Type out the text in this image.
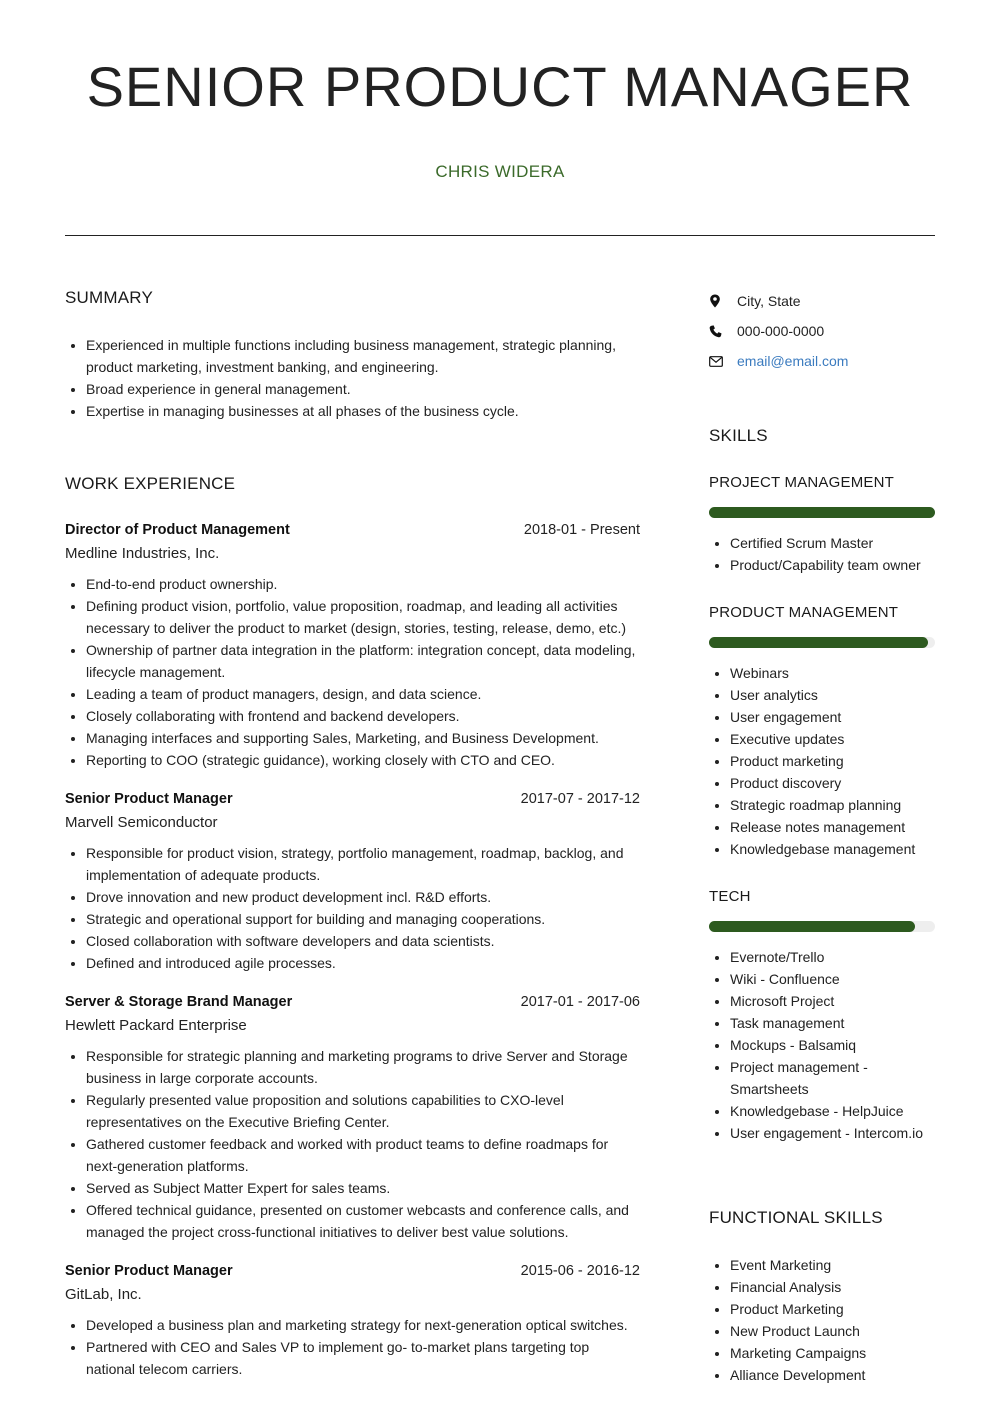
SENIOR PRODUCT MANAGER
CHRIS WIDERA
SUMMARY
• Experienced in multiple functions including business management, strategic planning, product marketing, investment banking, and engineering.
• Broad experience in general management.
• Expertise in managing businesses at all phases of the business cycle.
WORK EXPERIENCE
Director of Product Management	2018-01 - Present
Medline Industries, Inc.
• End-to-end product ownership.
• Defining product vision, portfolio, value proposition, roadmap, and leading all activities necessary to deliver the product to market (design, stories, testing, release, demo, etc.)
• Ownership of partner data integration in the platform: integration concept, data modeling, lifecycle management.
• Leading a team of product managers, design, and data science.
• Closely collaborating with frontend and backend developers.
• Managing interfaces and supporting Sales, Marketing, and Business Development.
• Reporting to COO (strategic guidance), working closely with CTO and CEO.
Senior Product Manager	2017-07 - 2017-12
Marvell Semiconductor
• Responsible for product vision, strategy, portfolio management, roadmap, backlog, and implementation of adequate products.
• Drove innovation and new product development incl. R&D efforts.
• Strategic and operational support for building and managing cooperations.
• Closed collaboration with software developers and data scientists.
• Defined and introduced agile processes.
Server & Storage Brand Manager	2017-01 - 2017-06
Hewlett Packard Enterprise
• Responsible for strategic planning and marketing programs to drive Server and Storage business in large corporate accounts.
• Regularly presented value proposition and solutions capabilities to CXO-level representatives on the Executive Briefing Center.
• Gathered customer feedback and worked with product teams to define roadmaps for next-generation platforms.
• Served as Subject Matter Expert for sales teams.
• Offered technical guidance, presented on customer webcasts and conference calls, and managed the project cross-functional initiatives to deliver best value solutions.
Senior Product Manager	2015-06 - 2016-12
GitLab, Inc.
• Developed a business plan and marketing strategy for next-generation optical switches.
• Partnered with CEO and Sales VP to implement go- to-market plans targeting top national telecom carriers.
City, State
000-000-0000
email@email.com
SKILLS
PROJECT MANAGEMENT
• Certified Scrum Master
• Product/Capability team owner
PRODUCT MANAGEMENT
• Webinars
• User analytics
• User engagement
• Executive updates
• Product marketing
• Product discovery
• Strategic roadmap planning
• Release notes management
• Knowledgebase management
TECH
• Evernote/Trello
• Wiki - Confluence
• Microsoft Project
• Task management
• Mockups - Balsamiq
• Project management - Smartsheets
• Knowledgebase - HelpJuice
• User engagement - Intercom.io
FUNCTIONAL SKILLS
• Event Marketing
• Financial Analysis
• Product Marketing
• New Product Launch
• Marketing Campaigns
• Alliance Development
